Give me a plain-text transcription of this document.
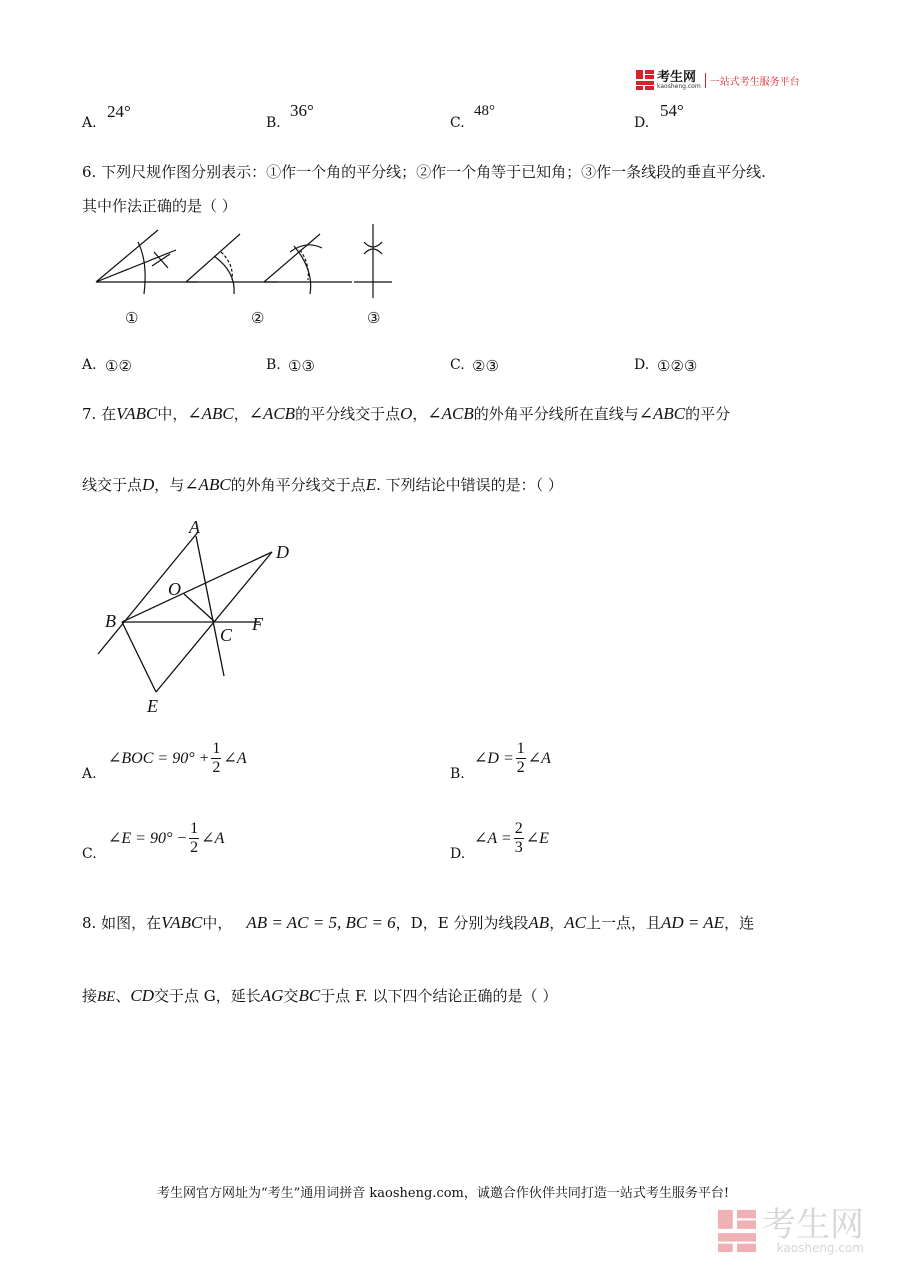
考生网
kaosheng.com 一站式考生服务平台
A.
24°
B.
36°
C.
48°
D.
54°
6. 下列尺规作图分别表示：①作一个角的平分线；②作一个角等于已知角；③作一条线段的垂直平分线.
其中作法正确的是（ ）
①	②	③
A. ①②	B. ①③	C. ②③	D. ①②③
7. 在VABC中，∠ABC，∠ACB的平分线交于点O，∠ACB的外角平分线所在直线与∠ABC的平分
线交于点D，与∠ABC的外角平分线交于点E. 下列结论中错误的是：（ ）
A
D
O
B
C
F
E
A.
∠BOC = $90^\circ + \frac{1}{2}$ ∠A
B.
∠D = $\frac{1}{2}$ ∠A
C.
∠E = $90^\circ - \frac{1}{2}$ ∠A
D.
∠A = $\frac{2}{3}$ ∠E
8. 如图，在VABC中， AB = AC = 5, BC = 6，D，E 分别为线段AB，AC上一点，且AD = AE，连
接BE、CD交于点 G，延长AG交BC于点 F. 以下四个结论正确的是（ ）
考生网官方网址为“考生”通用词拼音 kaosheng.com，诚邀合作伙伴共同打造一站式考生服务平台!
考生网
kaosheng.com
